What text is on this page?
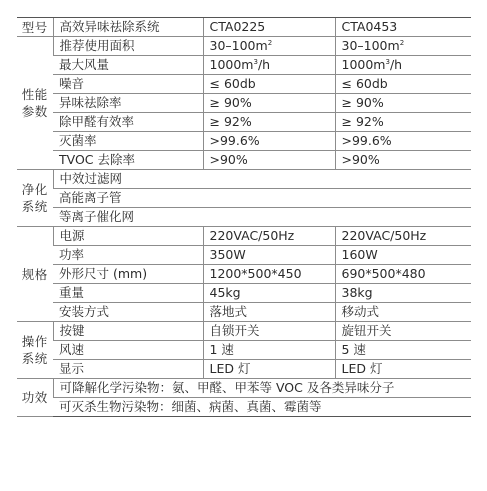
型号	高效异味祛除系统	CTA0225	CTA0453
性能参数	推荐使用面积	$30-100m^2$	$30-100m^2$
	最大风量	$1000m^3/h$	$1000m^3/h$
	噪音	≤ 60db	≤ 60db
	异味祛除率	≥ 90%	≥ 90%
	除甲醛有效率	≥ 92%	≥ 92%
	灭菌率	>99.6%	>99.6%
	TVOC 去除率	>90%	>90%
净化系统	中效过滤网		
	高能离子管		
	等离子催化网		
规格	电源	220VAC/50Hz	220VAC/50Hz
	功率	350W	160W
	外形尺寸 (mm)	1200*500*450	690*500*480
	重量	45kg	38kg
	安装方式	落地式	移动式
操作系统	按键	自锁开关	旋钮开关
	风速	1 速	5 速
	显示	LED 灯	LED 灯
功效	可降解化学污染物：氨、甲醛、甲苯等 VOC 及各类异味分子		
	可灭杀生物污染物：细菌、病菌、真菌、霉菌等		
